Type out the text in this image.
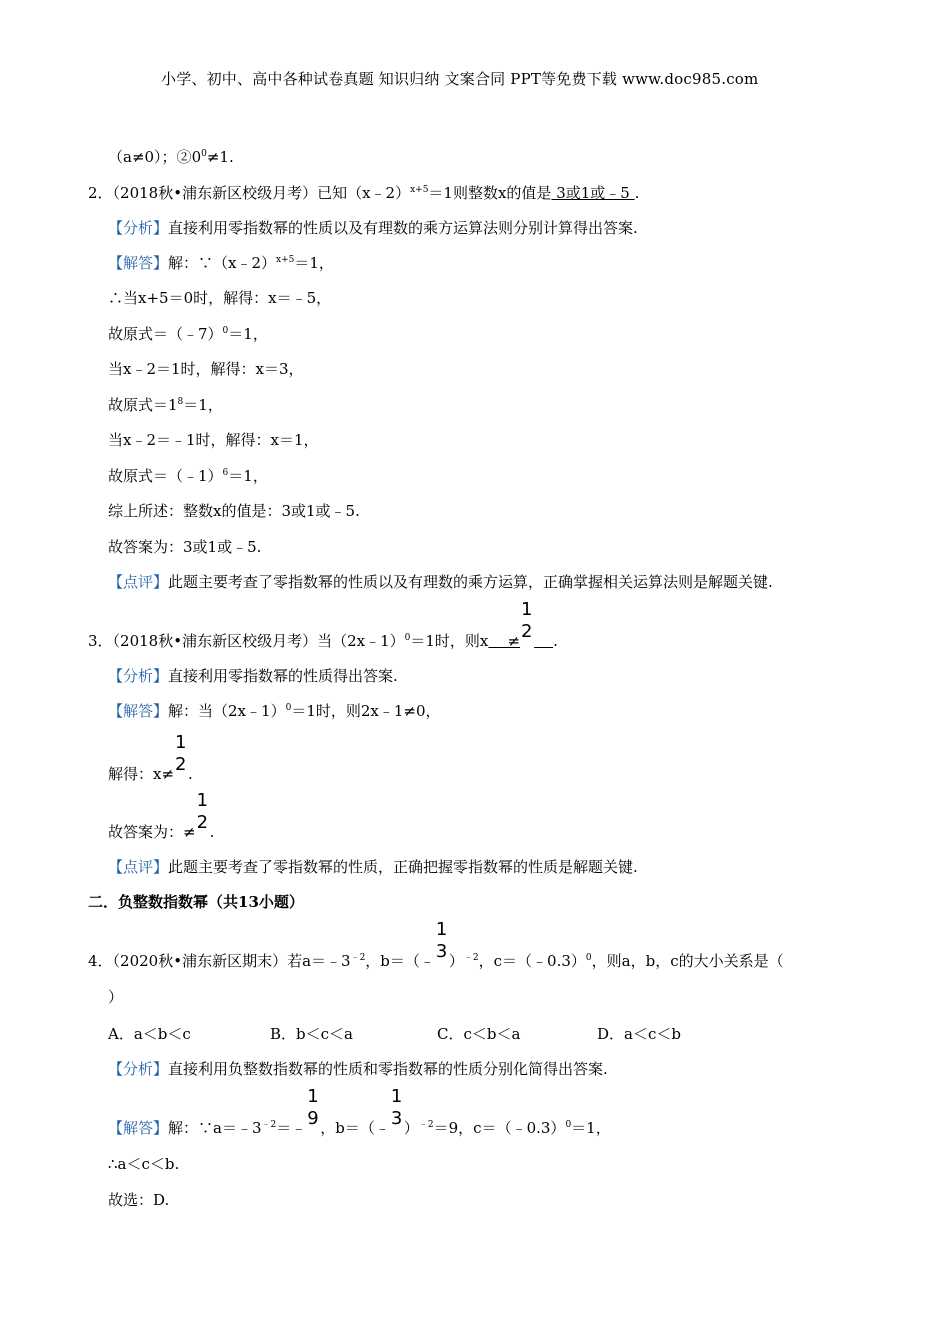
小学、初中、高中各种试卷真题 知识归纳 文案合同 PPT等免费下载 www.doc985.com
（a≠0）；$②0^0\ne 1$.
2．（2018秋•浦东新区校级月考）已知（x﹣2）$^{x+5}$＝1则整数x的值是 3或1或﹣5 .
【分析】直接利用零指数幂的性质以及有理数的乘方运算法则分别计算得出答案.
【解答】解：∵（x﹣2）$^{x+5}$＝1，
∴当x+5＝0时，解得：x＝﹣5，
故原式＝（﹣7）$^0$＝1，
当x﹣2＝1时，解得：x＝3，
故原式$=1^8=1$，
当x﹣2＝﹣1时，解得：x＝1，
故原式＝（﹣1）$^6$＝1，
综上所述：整数x的值是：3或1或﹣5.
故答案为：3或1或﹣5.
【点评】此题主要考查了零指数幂的性质以及有理数的乘方运算，正确掌握相关运算法则是解题关键.
3．（2018秋•浦东新区校级月考）当（2x﹣1）$^0$＝1时，则x ≠
1
2 .
【分析】直接利用零指数幂的性质得出答案.
【解答】解：当（2x﹣1）$^0$＝1时，则2x﹣1≠0，
解得：x≠
1
2 .
故答案为：≠
1
2 .
【点评】此题主要考查了零指数幂的性质，正确把握零指数幂的性质是解题关键.
二．负整数指数幂（共13小题）
4．（2020秋•浦东新区期末）若$a=﹣3^{﹣2}$，b＝（﹣
1
3 ）$^{﹣2}$，c＝（﹣0.3）$^0$，则a，b，c的大小关系是（
）
A．a＜b＜c	B．b＜c＜a	C．c＜b＜a	D．a＜c＜b
【分析】直接利用负整数指数幂的性质和零指数幂的性质分别化简得出答案.
【解答】解：$\because a=﹣3^{﹣2}=﹣$
1
9 ，b＝（﹣
1
3 ）$^{﹣2}$＝9，c＝（﹣0.3）$^0$＝1，
∴a＜c＜b.
故选：D.
